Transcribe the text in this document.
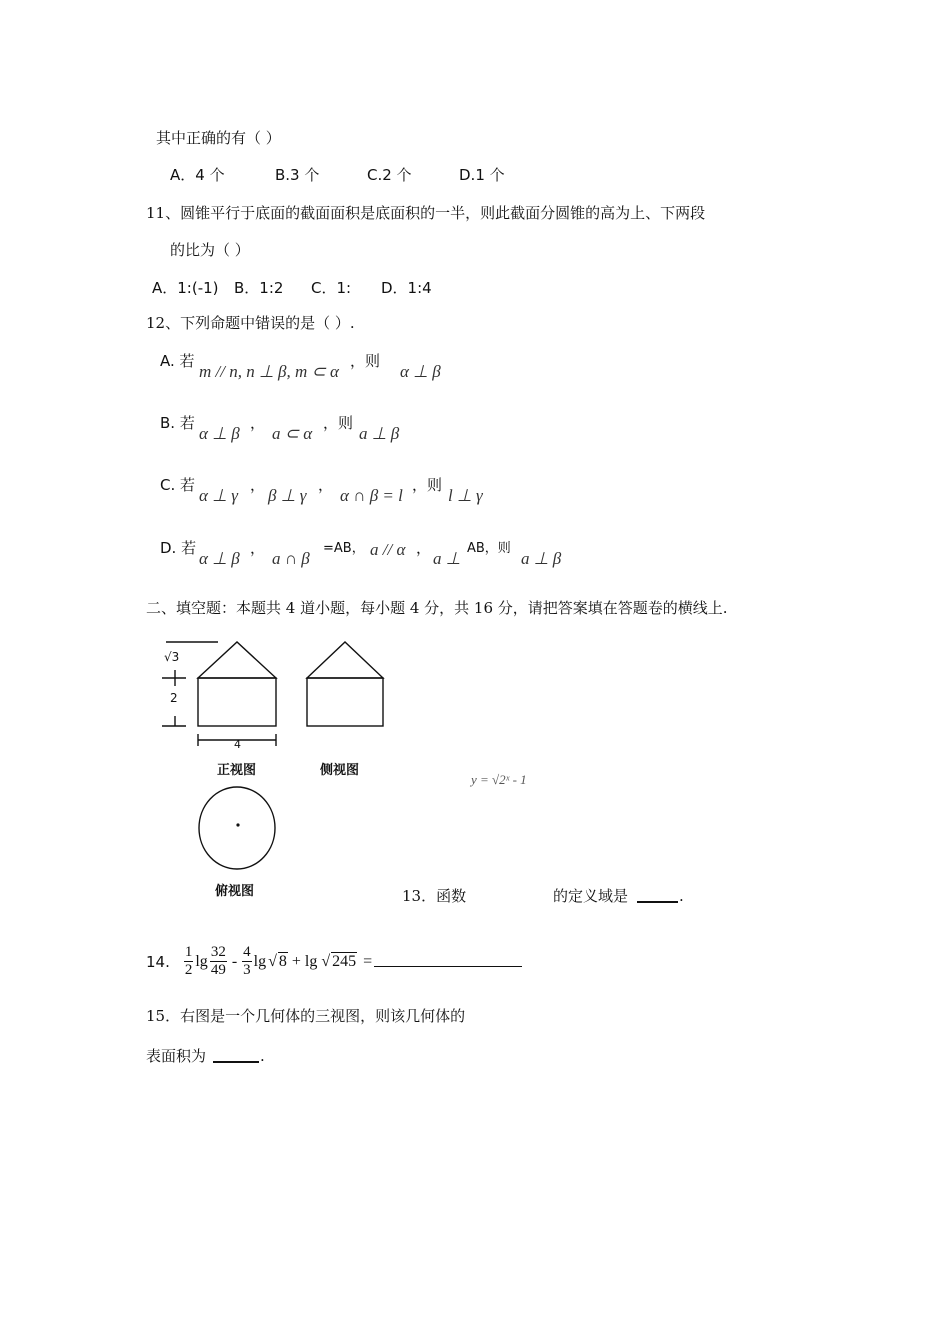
其中正确的有（ ）
A．4 个	B.3 个	C.2 个	D.1 个
11、圆锥平行于底面的截面面积是底面积的一半，则此截面分圆锥的高为上、下两段
的比为（ ）
A．1:(-1) B．1:2 C．1: D．1:4
12、下列命题中错误的是（ ）.
A. 若
m // n, n ⊥ β, m ⊂ α
，则
α ⊥ β
B. 若
α ⊥ β
，
a ⊂ α
，则
a ⊥ β
C. 若
α ⊥ γ
，
β ⊥ γ
，
α ∩ β = l
，则
l ⊥ γ
D. 若
α ⊥ β
，
a ∩ β
=AB， a // α ，
a ⊥
AB，则
a ⊥ β
二、填空题：本题共 4 道小题，每小题 4 分，共 16 分，请把答案填在答题卷的横线上.
√3
2
4
正视图	侧视图
俯视图
y = √2ˣ - 1
13．函数	的定义域是	.
14. $\frac{1}{2}$ $\lg \frac{32}{49} - \frac{4}{3}$ lg √ 8 + lg √ 245 =
15．右图是一个几何体的三视图，则该几何体的
表面积为	.
